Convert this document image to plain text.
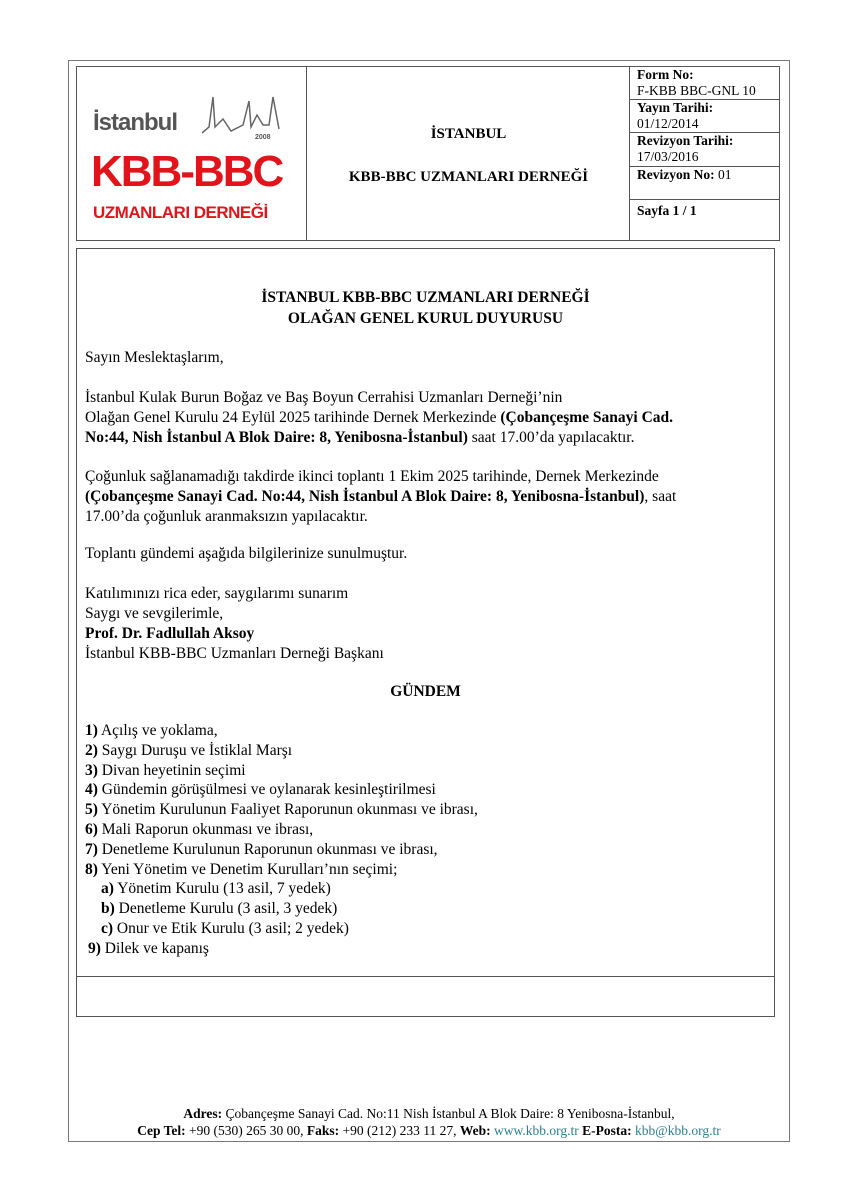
İstanbul
2008
KBB-BBC
UZMANLARI DERNEĞİ
İSTANBUL
KBB-BBC UZMANLARI DERNEĞİ
Form No:
F-KBB BBC-GNL 10
Yayın Tarihi:
01/12/2014
Revizyon Tarihi:
17/03/2016
Revizyon No: 01
Sayfa 1 / 1
İSTANBUL KBB-BBC UZMANLARI DERNEĞİ
OLAĞAN GENEL KURUL DUYURUSU
Sayın Meslektaşlarım,
İstanbul Kulak Burun Boğaz ve Baş Boyun Cerrahisi Uzmanları Derneği’nin
Olağan Genel Kurulu 24 Eylül 2025 tarihinde Dernek Merkezinde (Çobançeşme Sanayi Cad.
No:44, Nish İstanbul A Blok Daire: 8, Yenibosna-İstanbul) saat 17.00’da yapılacaktır.
Çoğunluk sağlanamadığı takdirde ikinci toplantı 1 Ekim 2025 tarihinde, Dernek Merkezinde
(Çobançeşme Sanayi Cad. No:44, Nish İstanbul A Blok Daire: 8, Yenibosna-İstanbul), saat
17.00’da çoğunluk aranmaksızın yapılacaktır.
Toplantı gündemi aşağıda bilgilerinize sunulmuştur.
Katılımınızı rica eder, saygılarımı sunarım
Saygı ve sevgilerimle,
Prof. Dr. Fadlullah Aksoy
İstanbul KBB-BBC Uzmanları Derneği Başkanı
GÜNDEM
1) Açılış ve yoklama,
2) Saygı Duruşu ve İstiklal Marşı
3) Divan heyetinin seçimi
4) Gündemin görüşülmesi ve oylanarak kesinleştirilmesi
5) Yönetim Kurulunun Faaliyet Raporunun okunması ve ibrası,
6) Mali Raporun okunması ve ibrası,
7) Denetleme Kurulunun Raporunun okunması ve ibrası,
8) Yeni Yönetim ve Denetim Kurulları’nın seçimi;
a) Yönetim Kurulu (13 asil, 7 yedek)
b) Denetleme Kurulu (3 asil, 3 yedek)
c) Onur ve Etik Kurulu (3 asil; 2 yedek)
9) Dilek ve kapanış
Adres: Çobançeşme Sanayi Cad. No:11 Nish İstanbul A Blok Daire: 8 Yenibosna-İstanbul,
Cep Tel: +90 (530) 265 30 00, Faks: +90 (212) 233 11 27, Web: www.kbb.org.tr E-Posta: kbb@kbb.org.tr
